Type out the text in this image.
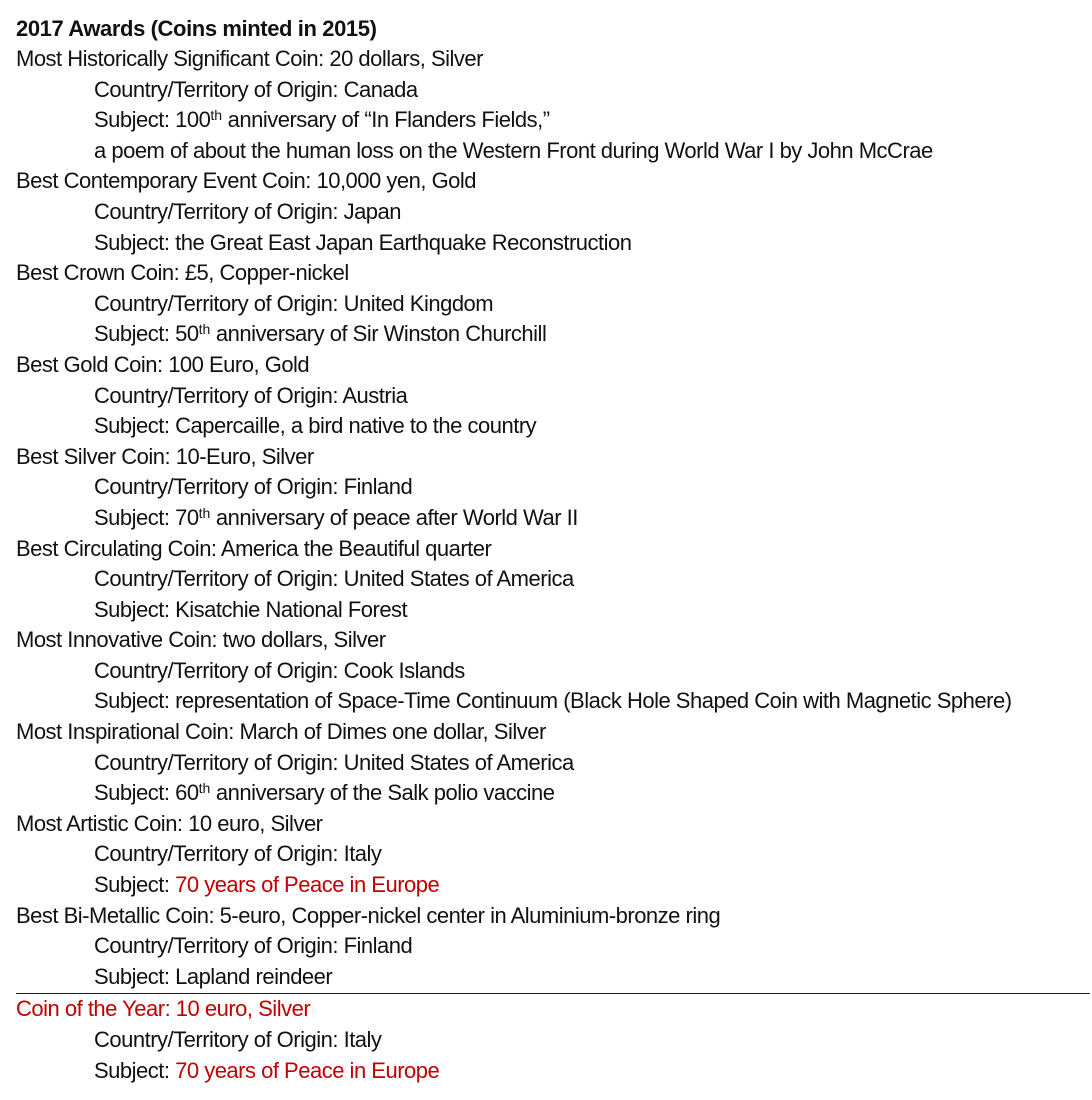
2017 Awards (Coins minted in 2015)
Most Historically Significant Coin: 20 dollars, Silver
Country/Territory of Origin: Canada
Subject: 100th anniversary of “In Flanders Fields,”
a poem of about the human loss on the Western Front during World War I by John McCrae
Best Contemporary Event Coin: 10,000 yen, Gold
Country/Territory of Origin: Japan
Subject: the Great East Japan Earthquake Reconstruction
Best Crown Coin: £5, Copper-nickel
Country/Territory of Origin: United Kingdom
Subject: 50th anniversary of Sir Winston Churchill
Best Gold Coin: 100 Euro, Gold
Country/Territory of Origin: Austria
Subject: Capercaille, a bird native to the country
Best Silver Coin: 10-Euro, Silver
Country/Territory of Origin: Finland
Subject: 70th anniversary of peace after World War II
Best Circulating Coin: America the Beautiful quarter
Country/Territory of Origin: United States of America
Subject: Kisatchie National Forest
Most Innovative Coin: two dollars, Silver
Country/Territory of Origin: Cook Islands
Subject: representation of Space-Time Continuum (Black Hole Shaped Coin with Magnetic Sphere)
Most Inspirational Coin: March of Dimes one dollar, Silver
Country/Territory of Origin: United States of America
Subject: 60th anniversary of the Salk polio vaccine
Most Artistic Coin: 10 euro, Silver
Country/Territory of Origin: Italy
Subject: 70 years of Peace in Europe
Best Bi-Metallic Coin: 5-euro, Copper-nickel center in Aluminium-bronze ring
Country/Territory of Origin: Finland
Subject: Lapland reindeer
Coin of the Year: 10 euro, Silver
Country/Territory of Origin: Italy
Subject: 70 years of Peace in Europe
